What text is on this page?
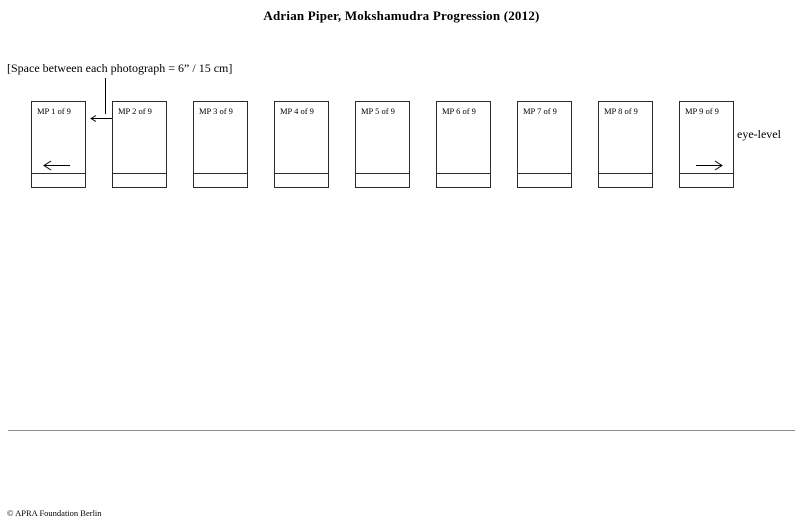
Adrian Piper, Mokshamudra Progression (2012)
[Space between each photograph = 6” / 15 cm]
eye-level
© APRA Foundation Berlin
MP 1 of 9	MP 2 of 9	MP 3 of 9	MP 4 of 9	MP 5 of 9	MP 6 of 9	MP 7 of 9	MP 8 of 9	MP 9 of 9
